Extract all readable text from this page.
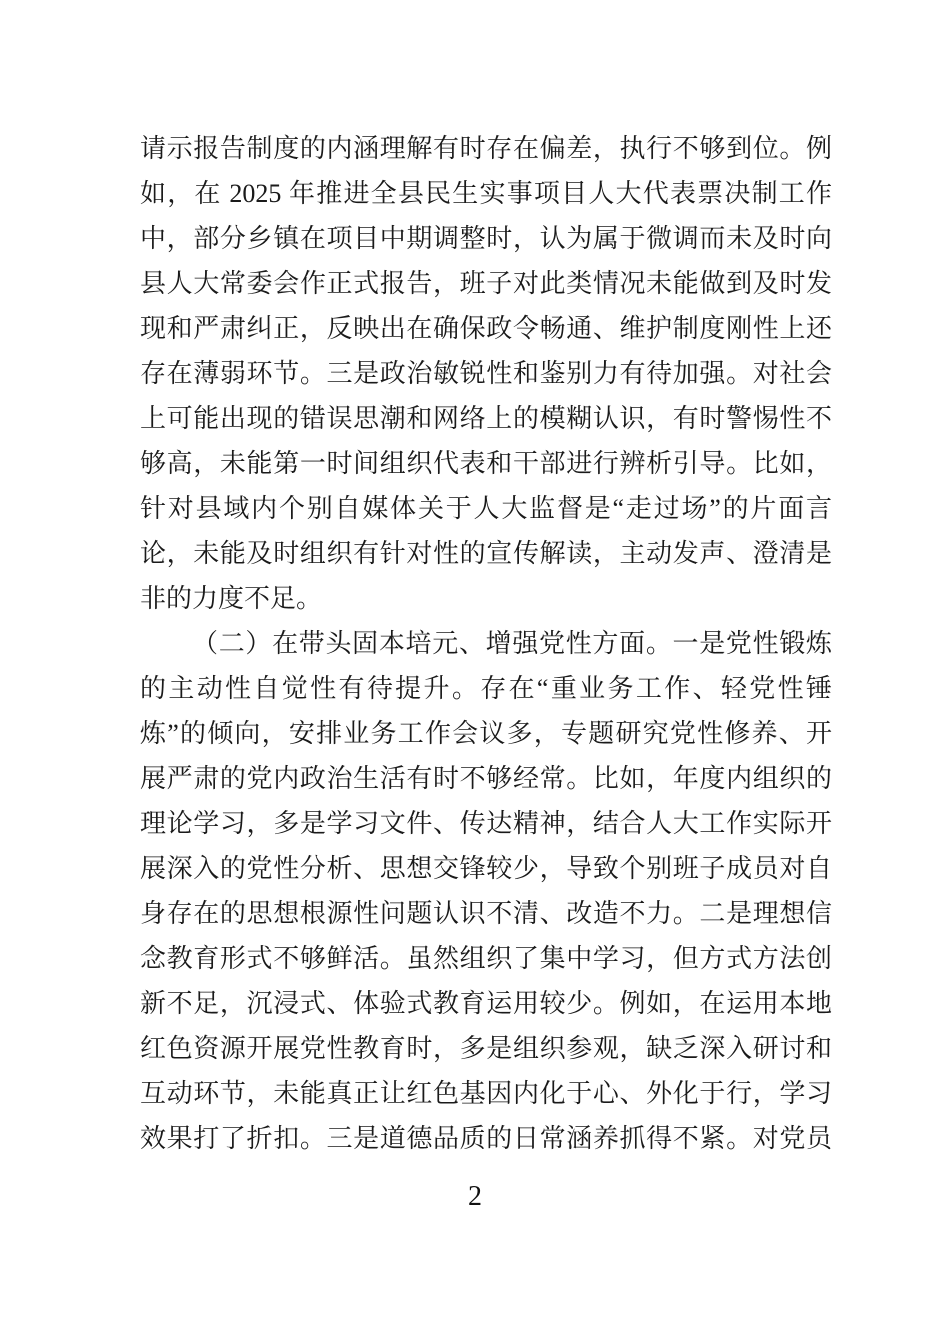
请示报告制度的内涵理解有时存在偏差，执行不够到位。例
如，在 2025 年推进全县民生实事项目人大代表票决制工作
中，部分乡镇在项目中期调整时，认为属于微调而未及时向
县人大常委会作正式报告，班子对此类情况未能做到及时发
现和严肃纠正，反映出在确保政令畅通、维护制度刚性上还
存在薄弱环节。三是政治敏锐性和鉴别力有待加强。对社会
上可能出现的错误思潮和网络上的模糊认识，有时警惕性不
够高，未能第一时间组织代表和干部进行辨析引导。比如，
针对县域内个别自媒体关于人大监督是“走过场”的片面言
论，未能及时组织有针对性的宣传解读，主动发声、澄清是
非的力度不足。
（二）在带头固本培元、增强党性方面。一是党性锻炼
的主动性自觉性有待提升。存在“重业务工作、轻党性锤
炼”的倾向，安排业务工作会议多，专题研究党性修养、开
展严肃的党内政治生活有时不够经常。比如，年度内组织的
理论学习，多是学习文件、传达精神，结合人大工作实际开
展深入的党性分析、思想交锋较少，导致个别班子成员对自
身存在的思想根源性问题认识不清、改造不力。二是理想信
念教育形式不够鲜活。虽然组织了集中学习，但方式方法创
新不足，沉浸式、体验式教育运用较少。例如，在运用本地
红色资源开展党性教育时，多是组织参观，缺乏深入研讨和
互动环节，未能真正让红色基因内化于心、外化于行，学习
效果打了折扣。三是道德品质的日常涵养抓得不紧。对党员
2
